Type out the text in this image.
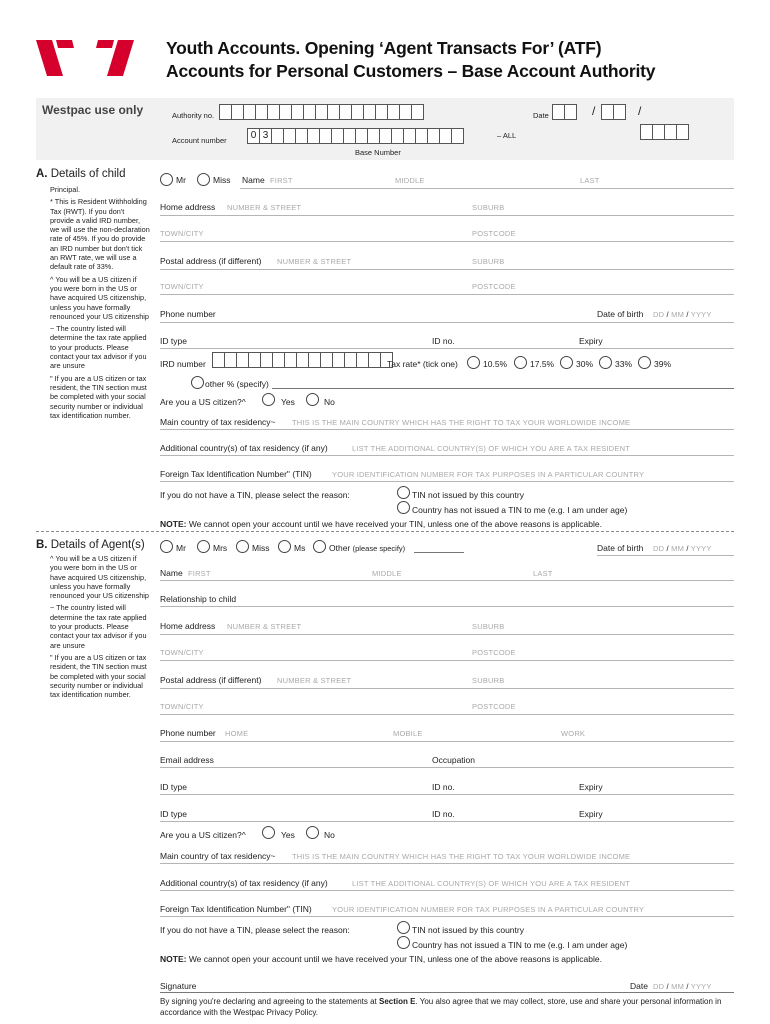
Youth Accounts. Opening ‘Agent Transacts For’ (ATF)
Accounts for Personal Customers – Base Account Authority
Westpac use only	Authority no.	Date	/	/
Account number	0 3	– ALL
Base Number
A. Details of child
Principal.
* This is Resident Withholding Tax (RWT). If you don't provide a valid IRD number, we will use the non-declaration rate of 45%. If you do provide an IRD number but don't tick an RWT rate, we will use a default rate of 33%.
^ You will be a US citizen if you were born in the US or have acquired US citizenship, unless you have formally renounced your US citizenship
~ The country listed will determine the tax rate applied to your products. Please contact your tax advisor if you are unsure
" If you are a US citizen or tax resident, the TIN section must be completed with your social security number or individual tax identification number.
Mr	Miss Name FIRST	MIDDLE	LAST
Home address NUMBER & STREET	SUBURB
TOWN/CITY	POSTCODE
Postal address (if different) NUMBER & STREET	SUBURB
TOWN/CITY	POSTCODE
Phone number	Date of birth DD / MM / YYYY
ID type	ID no.	Expiry
IRD number	Tax rate* (tick one)	10.5%	17.5%	30%	33%	39%
other % (specify)
Are you a US citizen?^	Yes	No
Main country of tax residency~ THIS IS THE MAIN COUNTRY WHICH HAS THE RIGHT TO TAX YOUR WORLDWIDE INCOME
Additional country(s) of tax residency (if any)	LIST THE ADDITIONAL COUNTRY(S) OF WHICH YOU ARE A TAX RESIDENT
Foreign Tax Identification Number" (TIN)	YOUR IDENTIFICATION NUMBER FOR TAX PURPOSES IN A PARTICULAR COUNTRY
If you do not have a TIN, please select the reason:	TIN not issued by this country
Country has not issued a TIN to me (e.g. I am under age)
NOTE: We cannot open your account until we have received your TIN, unless one of the above reasons is applicable.
B. Details of Agent(s)
^ You will be a US citizen if you were born in the US or have acquired US citizenship, unless you have formally renounced your US citizenship
~ The country listed will determine the tax rate applied to your products. Please contact your tax advisor if you are unsure
" If you are a US citizen or tax resident, the TIN section must be completed with your social security number or individual tax identification number.
Mr	Mrs	Miss	Ms	Other (please specify)	Date of birth DD / MM / YYYY
Name FIRST	MIDDLE	LAST
Relationship to child
Home address NUMBER & STREET	SUBURB
TOWN/CITY	POSTCODE
Postal address (if different) NUMBER & STREET	SUBURB
TOWN/CITY	POSTCODE
Phone number HOME	MOBILE	WORK
Email address	Occupation
ID type	ID no.	Expiry
ID type	ID no.	Expiry
Are you a US citizen?^	Yes	No
Main country of tax residency~ THIS IS THE MAIN COUNTRY WHICH HAS THE RIGHT TO TAX YOUR WORLDWIDE INCOME
Additional country(s) of tax residency (if any)	LIST THE ADDITIONAL COUNTRY(S) OF WHICH YOU ARE A TAX RESIDENT
Foreign Tax Identification Number" (TIN)	YOUR IDENTIFICATION NUMBER FOR TAX PURPOSES IN A PARTICULAR COUNTRY
If you do not have a TIN, please select the reason:	TIN not issued by this country
Country has not issued a TIN to me (e.g. I am under age)
NOTE: We cannot open your account until we have received your TIN, unless one of the above reasons is applicable.
Signature	Date DD / MM / YYYY
By signing you're declaring and agreeing to the statements at Section E. You also agree that we may collect, store, use and share your personal information in accordance with the Westpac Privacy Policy.
